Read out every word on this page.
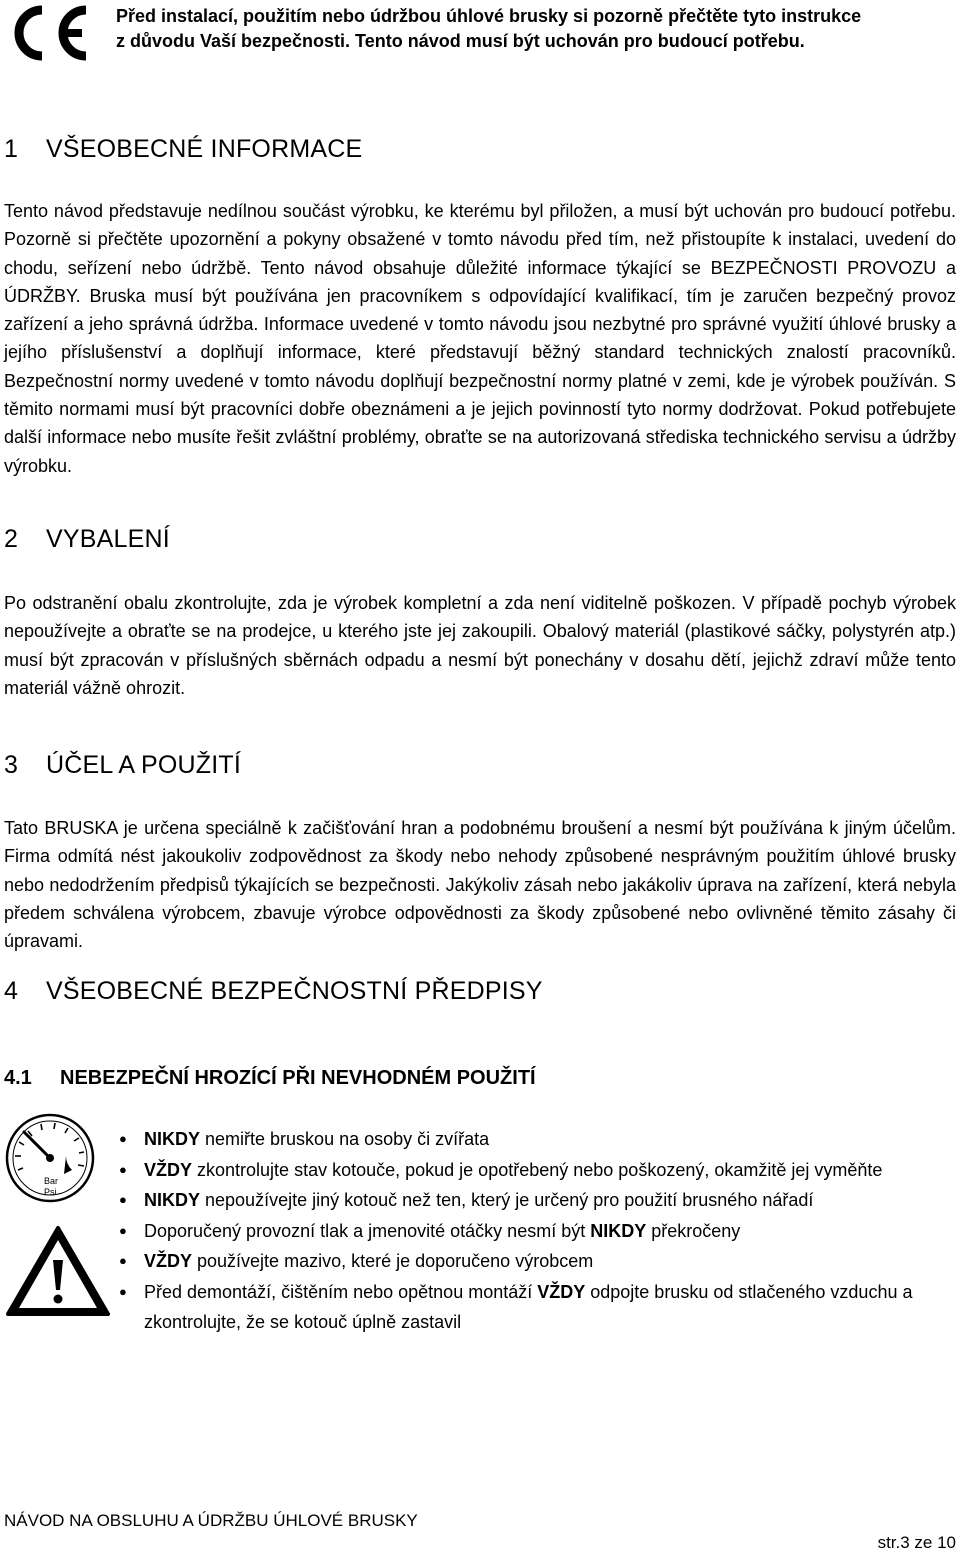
Před instalací, použitím nebo údržbou úhlové brusky si pozorně přečtěte tyto instrukce
z důvodu Vaší bezpečnosti. Tento návod musí být uchován pro budoucí potřebu.
1 VŠEOBECNÉ INFORMACE

Tento návod představuje nedílnou součást výrobku, ke kterému byl přiložen, a musí být uchován pro budoucí potřebu. Pozorně si přečtěte upozornění a pokyny obsažené v tomto návodu před tím, než přistoupíte k instalaci, uvedení do chodu, seřízení nebo údržbě. Tento návod obsahuje důležité informace týkající se BEZPEČNOSTI PROVOZU a ÚDRŽBY. Bruska musí být používána jen pracovníkem s odpovídající kvalifikací, tím je zaručen bezpečný provoz zařízení a jeho správná údržba. Informace uvedené v tomto návodu jsou nezbytné pro správné využití úhlové brusky a jejího příslušenství a doplňují informace, které představují běžný standard technických znalostí pracovníků. Bezpečnostní normy uvedené v tomto návodu doplňují bezpečnostní normy platné v zemi, kde je výrobek používán. S těmito normami musí být pracovníci dobře obeznámeni a je jejich povinností tyto normy dodržovat. Pokud potřebujete další informace nebo musíte řešit zvláštní problémy, obraťte se na autorizovaná střediska technického servisu a údržby výrobku.

2 VYBALENÍ

Po odstranění obalu zkontrolujte, zda je výrobek kompletní a zda není viditelně poškozen. V případě pochyb výrobek nepoužívejte a obraťte se na prodejce, u kterého jste jej zakoupili. Obalový materiál (plastikové sáčky, polystyrén atp.) musí být zpracován v příslušných sběrnách odpadu a nesmí být ponechány v dosahu dětí, jejichž zdraví může tento materiál vážně ohrozit.

3 ÚČEL A POUŽITÍ

Tato BRUSKA je určena speciálně k začišťování hran a podobnému broušení a nesmí být používána k jiným účelům. Firma odmítá nést jakoukoliv zodpovědnost za škody nebo nehody způsobené nesprávným použitím úhlové brusky nebo nedodržením předpisů týkajících se bezpečnosti. Jakýkoliv zásah nebo jakákoliv úprava na zařízení, která nebyla předem schválena výrobcem, zbavuje výrobce odpovědnosti za škody způsobené nebo ovlivněné těmito zásahy či úpravami.

4 VŠEOBECNÉ BEZPEČNOSTNÍ PŘEDPISY
4.1 NEBEZPEČNÍ HROZÍCÍ PŘI NEVHODNÉM POUŽITÍ
Bar
Psi
● NIKDY nemiřte bruskou na osoby či zvířata
● VŽDY zkontrolujte stav kotouče, pokud je opotřebený nebo poškozený, okamžitě jej vyměňte
● NIKDY nepoužívejte jiný kotouč než ten, který je určený pro použití brusného nářadí
● Doporučený provozní tlak a jmenovité otáčky nesmí být NIKDY překročeny
● VŽDY používejte mazivo, které je doporučeno výrobcem
● Před demontáží, čištěním nebo opětnou montáží VŽDY odpojte brusku od stlačeného vzduchu a zkontrolujte, že se kotouč úplně zastavil
NÁVOD NA OBSLUHU A ÚDRŽBU ÚHLOVÉ BRUSKY
str.3 ze 10
